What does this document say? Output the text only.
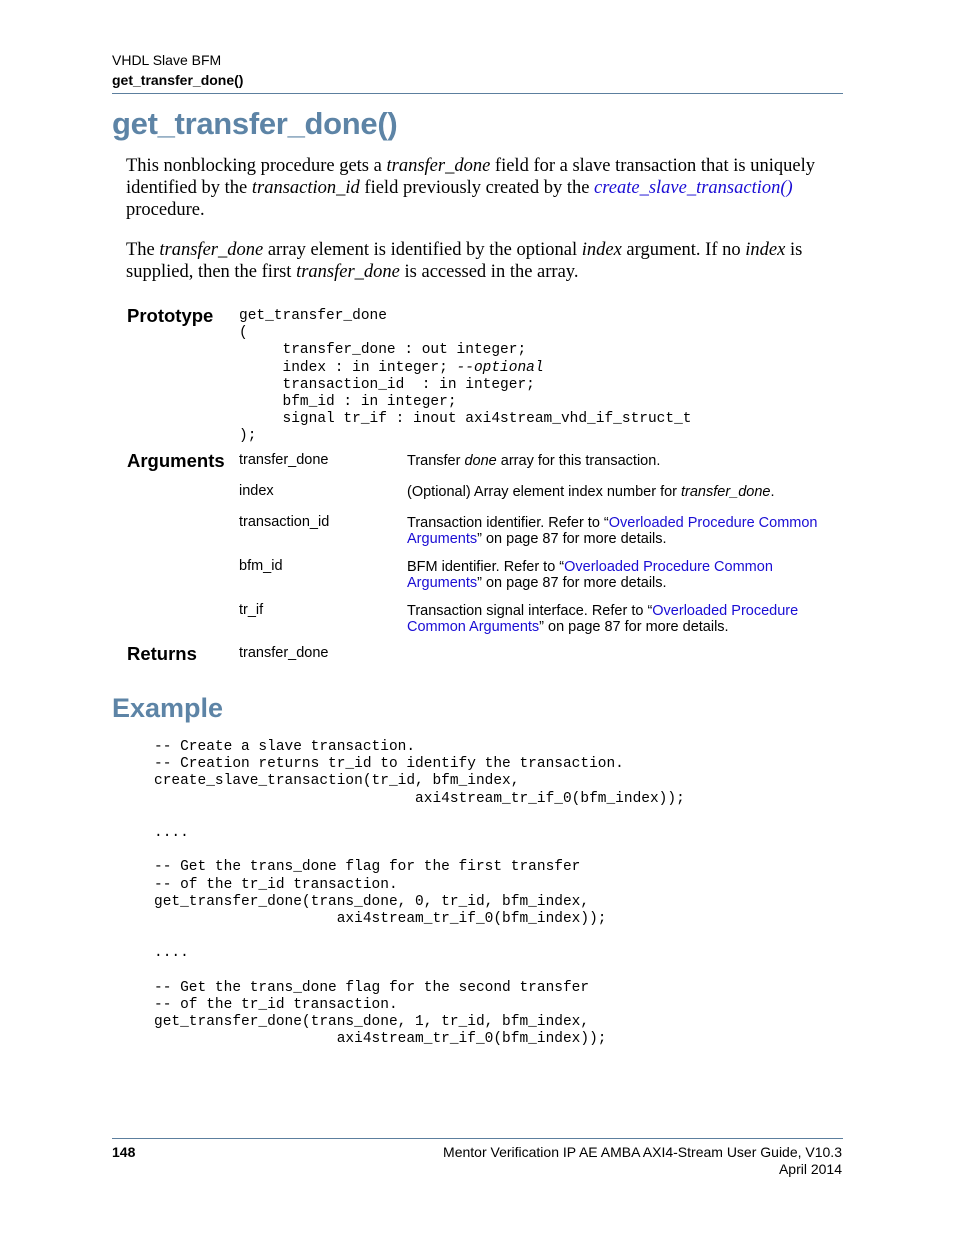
VHDL Slave BFM
get_transfer_done()
get_transfer_done()
This nonblocking procedure gets a transfer_done field for a slave transaction that is uniquely identified by the transaction_id field previously created by the create_slave_transaction() procedure.
The transfer_done array element is identified by the optional index argument. If no index is supplied, then the first transfer_done is accessed in the array.
Prototype get_transfer_done
(
transfer_done : out integer;
index : in integer; --optional
transaction_id  : in integer;
bfm_id : in integer;
signal tr_if : inout axi4stream_vhd_if_struct_t
);
Arguments transfer_done	Transfer done array for this transaction.
index	(Optional) Array element index number for transfer_done.
transaction_id	Transaction identifier. Refer to “Overloaded Procedure Common Arguments” on page 87 for more details.
bfm_id	BFM identifier. Refer to “Overloaded Procedure Common Arguments” on page 87 for more details.
tr_if	Transaction signal interface. Refer to “Overloaded Procedure Common Arguments” on page 87 for more details.
Returns	transfer_done
Example
-- Create a slave transaction.
-- Creation returns tr_id to identify the transaction.
create_slave_transaction(tr_id, bfm_index,
axi4stream_tr_if_0(bfm_index));

....

-- Get the trans_done flag for the first transfer
-- of the tr_id transaction.
get_transfer_done(trans_done, 0, tr_id, bfm_index,
axi4stream_tr_if_0(bfm_index));

....

-- Get the trans_done flag for the second transfer
-- of the tr_id transaction.
get_transfer_done(trans_done, 1, tr_id, bfm_index,
axi4stream_tr_if_0(bfm_index));
148	Mentor Verification IP AE AMBA AXI4-Stream User Guide, V10.3
April 2014
